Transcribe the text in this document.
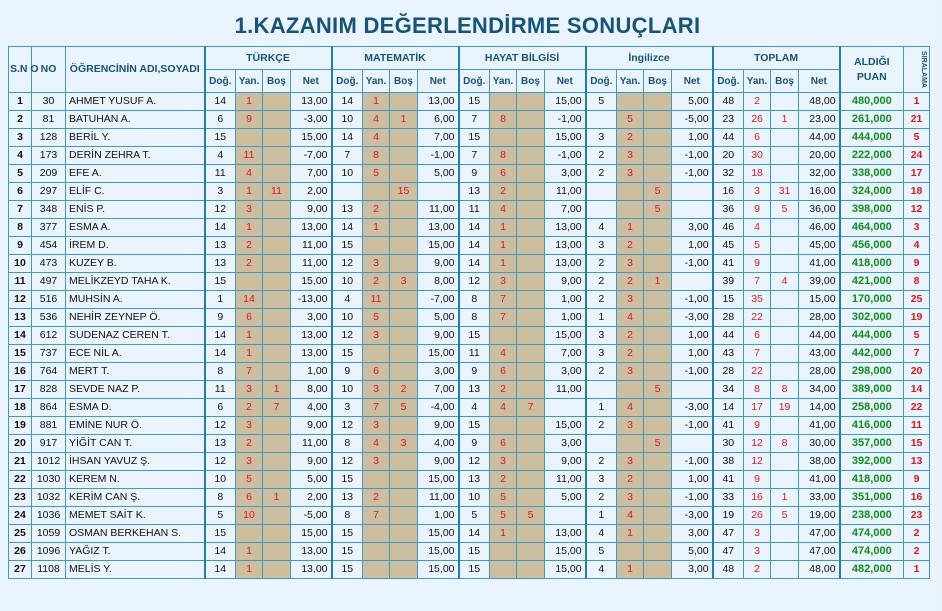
1.KAZANIM DEĞERLENDİRME SONUÇLARI
S.N O	NO	ÖĞRENCİNİN ADI,SOYADI	TÜRKÇE				MATEMATİK				HAYAT BİLGİSİ				İngilizce				TOPLAM				ALDIĞI PUAN	SIRALAMA
			Doğ.	Yan.	Boş	Net	Doğ.	Yan.	Boş	Net	Doğ.	Yan.	Boş	Net	Doğ.	Yan.	Boş	Net	Doğ.	Yan.	Boş	Net		
1	30	AHMET YUSUF A.	14	1		13,00	14	1		13,00	15			15,00	5			5,00	48	2		48,00	480,000	1
2	81	BATUHAN A.	6	9		-3,00	10	4	1	6,00	7	8		-1,00		5		-5,00	23	26	1	23,00	261,000	21
3	128	BERİL Y.	15			15,00	14	4		7,00	15			15,00	3	2		1,00	44	6		44,00	444,000	5
4	173	DERİN ZEHRA T.	4	11		-7,00	7	8		-1,00	7	8		-1,00	2	3		-1,00	20	30		20,00	222,000	24
5	209	EFE A.	11	4		7,00	10	5		5,00	9	6		3,00	2	3		-1,00	32	18		32,00	338,000	17
6	297	ELİF C.	3	1	11	2,00			15		13	2		11,00			5		16	3	31	16,00	324,000	18
7	348	ENİS P.	12	3		9,00	13	2		11,00	11	4		7,00			5		36	9	5	36,00	398,000	12
8	377	ESMA A.	14	1		13,00	14	1		13,00	14	1		13,00	4	1		3,00	46	4		46,00	464,000	3
9	454	İREM D.	13	2		11,00	15			15,00	14	1		13,00	3	2		1,00	45	5		45,00	456,000	4
10	473	KUZEY B.	13	2		11,00	12	3		9,00	14	1		13,00	2	3		-1,00	41	9		41,00	418,000	9
11	497	MELİKZEYD TAHA K.	15			15,00	10	2	3	8,00	12	3		9,00	2	2	1		39	7	4	39,00	421,000	8
12	516	MUHSİN A.	1	14		-13,00	4	11		-7,00	8	7		1,00	2	3		-1,00	15	35		15,00	170,000	25
13	536	NEHİR ZEYNEP Ö.	9	6		3,00	10	5		5,00	8	7		1,00	1	4		-3,00	28	22		28,00	302,000	19
14	612	SUDENAZ CEREN T.	14	1		13,00	12	3		9,00	15			15,00	3	2		1,00	44	6		44,00	444,000	5
15	737	ECE NİL A.	14	1		13,00	15			15,00	11	4		7,00	3	2		1,00	43	7		43,00	442,000	7
16	764	MERT T.	8	7		1,00	9	6		3,00	9	6		3,00	2	3		-1,00	28	22		28,00	298,000	20
17	828	SEVDE NAZ P.	11	3	1	8,00	10	3	2	7,00	13	2		11,00			5		34	8	8	34,00	389,000	14
18	864	ESMA D.	6	2	7	4,00	3	7	5	-4,00	4	4	7		1	4		-3,00	14	17	19	14,00	258,000	22
19	881	EMİNE NUR Ö.	12	3		9,00	12	3		9,00	15			15,00	2	3		-1,00	41	9		41,00	416,000	11
20	917	YİĞİT CAN T.	13	2		11,00	8	4	3	4,00	9	6		3,00			5		30	12	8	30,00	357,000	15
21	1012	İHSAN YAVUZ Ş.	12	3		9,00	12	3		9,00	12	3		9,00	2	3		-1,00	38	12		38,00	392,000	13
22	1030	KEREM N.	10	5		5,00	15			15,00	13	2		11,00	3	2		1,00	41	9		41,00	418,000	9
23	1032	KERİM CAN Ş.	8	6	1	2,00	13	2		11,00	10	5		5,00	2	3		-1,00	33	16	1	33,00	351,000	16
24	1036	MEMET SAİT K.	5	10		-5,00	8	7		1,00	5	5	5		1	4		-3,00	19	26	5	19,00	238,000	23
25	1059	OSMAN BERKEHAN S.	15			15,00	15			15,00	14	1		13,00	4	1		3,00	47	3		47,00	474,000	2
26	1096	YAĞIZ T.	14	1		13,00	15			15,00	15			15,00	5			5,00	47	3		47,00	474,000	2
27	1108	MELİS Y.	14	1		13,00	15			15,00	15			15,00	4	1		3,00	48	2		48,00	482,000	1
